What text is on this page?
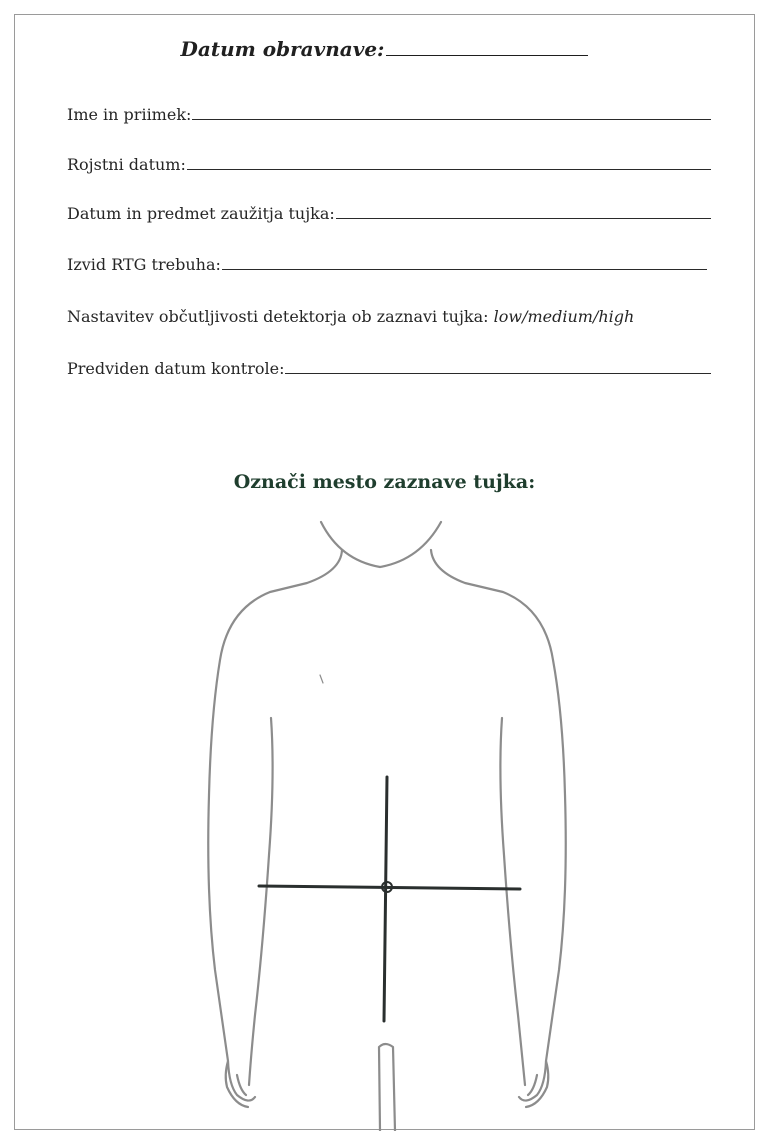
Datum obravnave:
Ime in priimek:
Rojstni datum:
Datum in predmet zaužitja tujka:
Izvid RTG trebuha:
Nastavitev občutljivosti detektorja ob zaznavi tujka: low/medium/high
Predviden datum kontrole:
Označi mesto zaznave tujka:
